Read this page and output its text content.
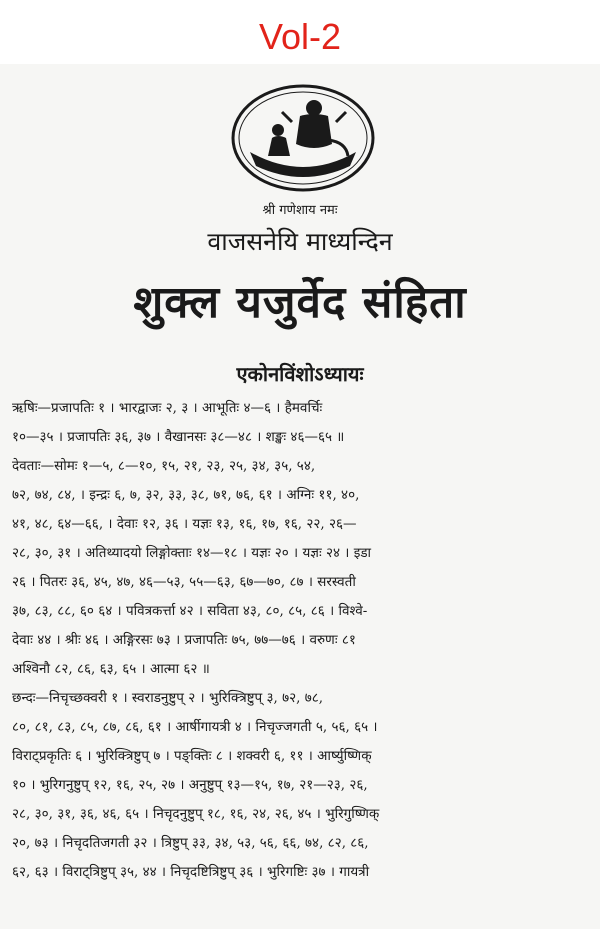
Vol-2
श्री गणेशाय नमः
वाजसनेयि माध्यन्दिन
शुक्ल यजुर्वेद संहिता
एकोनविंशोऽध्यायः
ऋषिः—प्रजापतिः १ । भारद्वाजः २, ३ । आभूतिः ४—६ । हैमवर्चिः
१०—३५ । प्रजापतिः ३६, ३७ । वैखानसः ३८—४८ । शङ्खः ४६—६५ ॥
देवताः—सोमः १—५, ८—१०, १५, २१, २३, २५, ३४, ३५, ५४,
७२, ७४, ८४, । इन्द्रः ६, ७, ३२, ३३, ३८, ७१, ७६, ६१ । अग्निः ११, ४०,
४१, ४८, ६४—६६, । देवाः १२, ३६ । यज्ञः १३, १६, १७, १६, २२, २६—
२८, ३०, ३१ । अतिथ्यादयो लिङ्गोक्ताः १४—१८ । यज्ञः २० । यज्ञः २४ । इडा
२६ । पितरः ३६, ४५, ४७, ४६—५३, ५५—६३, ६७—७०, ८७ । सरस्वती
३७, ८३, ८८, ६० ६४ । पवित्रकर्त्ता ४२ । सविता ४३, ८०, ८५, ८६ । विश्वे-
देवाः ४४ । श्रीः ४६ । अङ्गिरसः ७३ । प्रजापतिः ७५, ७७—७६ । वरुणः ८१
अश्विनौ ८२, ८६, ६३, ६५ । आत्मा ६२ ॥
छन्दः—निचृच्छक्वरी १ । स्वराडनुष्टुप् २ । भुरिक्त्रिष्टुप् ३, ७२, ७८,
८०, ८१, ८३, ८५, ८७, ८६, ६१ । आर्षीगायत्री ४ । निचृज्जगती ५, ५६, ६५ ।
विराट्प्रकृतिः ६ । भुरिक्त्रिष्टुप् ७ । पङ्क्तिः ८ । शक्वरी ६, ११ । आर्ष्युष्णिक्
१० । भुरिगनुष्टुप् १२, १६, २५, २७ । अनुष्टुप् १३—१५, १७, २१—२३, २६,
२८, ३०, ३१, ३६, ४६, ६५ । निचृदनुष्टुप् १८, १६, २४, २६, ४५ । भुरिगुष्णिक्
२०, ७३ । निचृदतिजगती ३२ । त्रिष्टुप् ३३, ३४, ५३, ५६, ६६, ७४, ८२, ८६,
६२, ६३ । विराट्त्रिष्टुप् ३५, ४४ । निचृदष्टित्रिष्टुप् ३६ । भुरिगष्टिः ३७ । गायत्री
